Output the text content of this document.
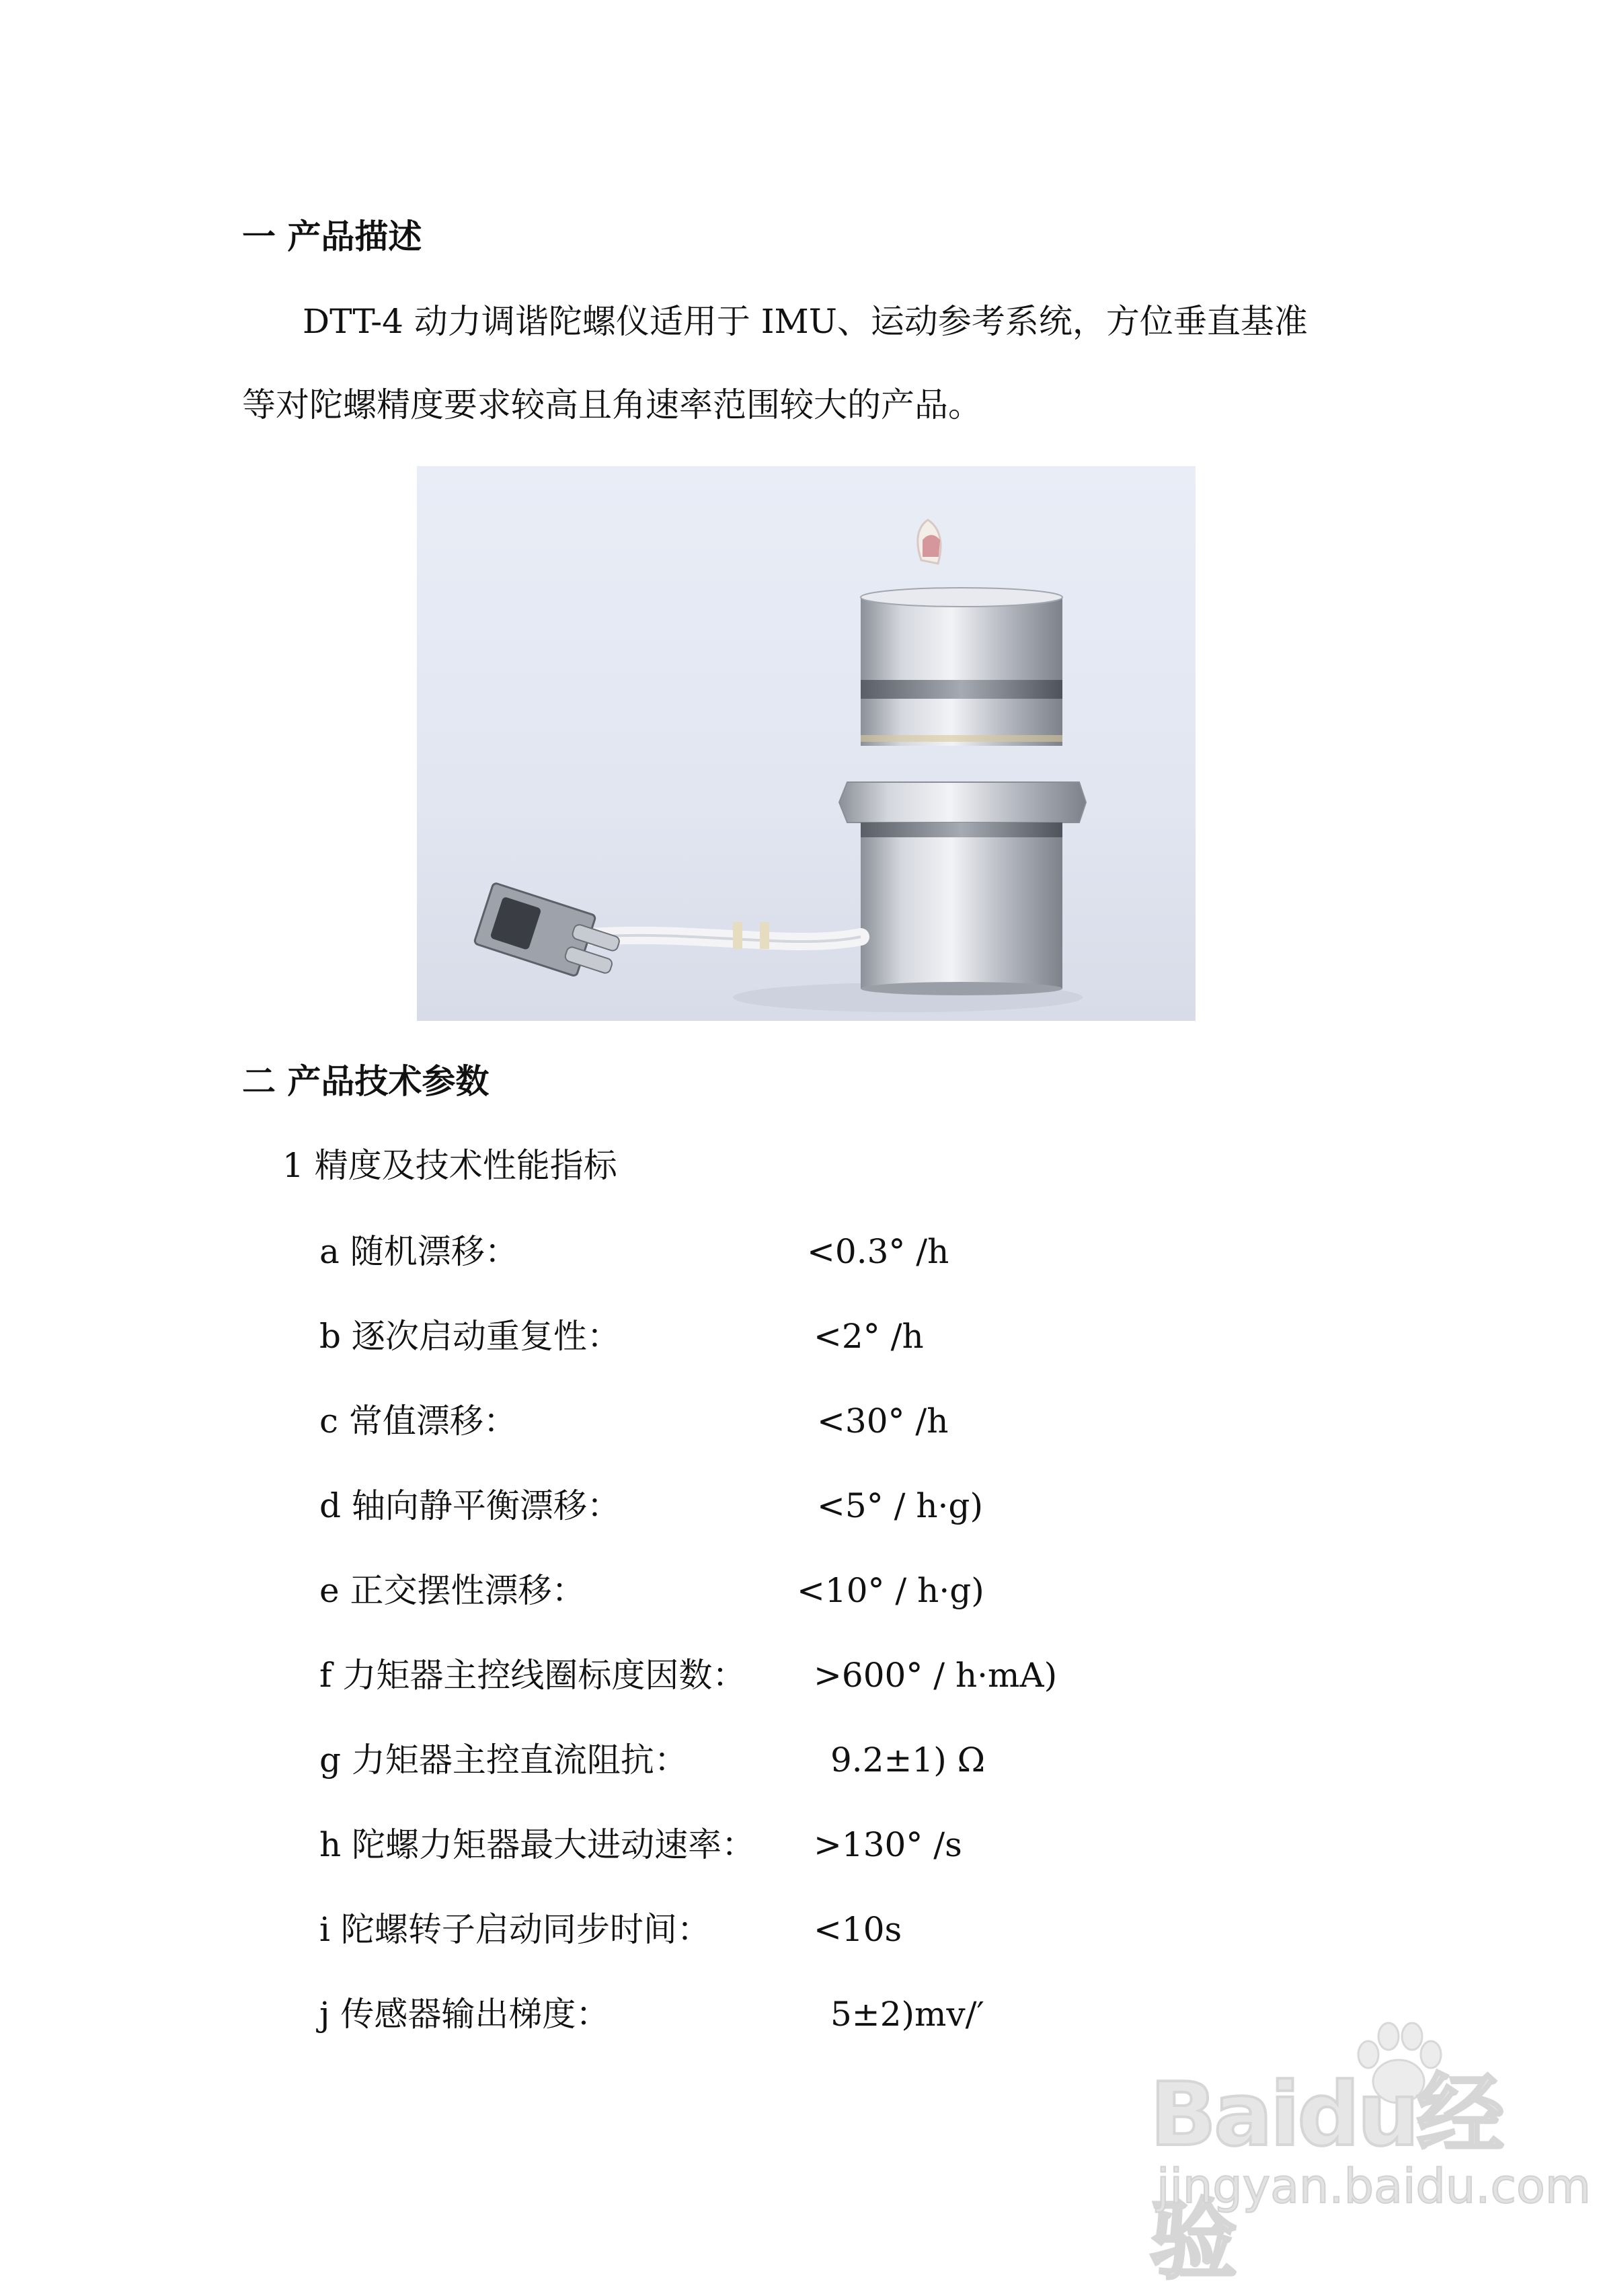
一 产品描述
DTT-4 动力调谐陀螺仪适用于 IMU、运动参考系统，方位垂直基准
等对陀螺精度要求较高且角速率范围较大的产品。
二 产品技术参数
1 精度及技术性能指标
a 随机漂移：	<0.3° /h
b 逐次启动重复性：	<2° /h
c 常值漂移：	<30° /h
d 轴向静平衡漂移：	<5° / h·g)
e 正交摆性漂移：	<10° / h·g)
f 力矩器主控线圈标度因数： >600° / h·mA)
g 力矩器主控直流阻抗：	9.2±1) Ω
h 陀螺力矩器最大进动速率： >130° /s
i 陀螺转子启动同步时间：	<10s
j 传感器输出梯度：	5±2)mv/′
Baidu经验
jingyan.baidu.com
